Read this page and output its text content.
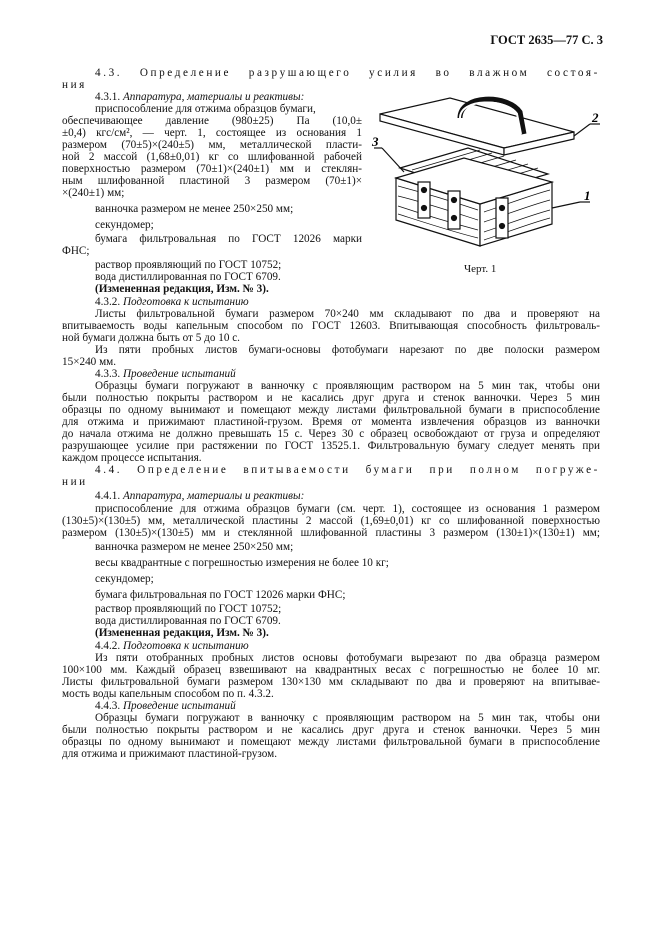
ГОСТ 2635—77 С. 3

4.3. Определение разрушающего усилия во влажном состоя-

ния

4.3.1. Аппаратура, материалы и реактивы:

приспособление для отжима образцов бумаги,

обеспечивающее давление (980±25) Па (10,0±

±0,4) кгс/см², — черт. 1, состоящее из основания 1

размером (70±5)×(240±5) мм, металлической пласти-

ной 2 массой (1,68±0,01) кг со шлифованной рабочей

поверхностью размером (70±1)×(240±1) мм и стеклян-

ным шлифованной пластиной 3 размером (70±1)×

×(240±1) мм;

ванночка размером не менее 250×250 мм;

секундомер;

бумага фильтровальная по ГОСТ 12026 марки

ФНС;

раствор проявляющий по ГОСТ 10752;

вода дистиллированная по ГОСТ 6709.

(Измененная редакция, Изм. № 3).

2
3
1
Черт. 1

4.3.2. Подготовка к испытанию

Листы фильтровальной бумаги размером 70×240 мм складывают по два и проверяют на

впитываемость воды капельным способом по ГОСТ 12603. Впитывающая способность фильтроваль-

ной бумаги должна быть от 5 до 10 с.

Из пяти пробных листов бумаги-основы фотобумаги нарезают по две полоски размером

15×240 мм.

4.3.3. Проведение испытаний

Образцы бумаги погружают в ванночку с проявляющим раствором на 5 мин так, чтобы они

были полностью покрыты раствором и не касались друг друга и стенок ванночки. Через 5 мин

образцы по одному вынимают и помещают между листами фильтровальной бумаги в приспособление

для отжима и прижимают пластиной-грузом. Время от момента извлечения образцов из ванночки

до начала отжима не должно превышать 15 с. Через 30 с образец освобождают от груза и определяют

разрушающее усилие при растяжении по ГОСТ 13525.1. Фильтровальную бумагу следует менять при

каждом процессе испытания.

4.4. Определение впитываемости бумаги при полном погруже-

нии

4.4.1. Аппаратура, материалы и реактивы:

приспособление для отжима образцов бумаги (см. черт. 1), состоящее из основания 1 размером

(130±5)×(130±5) мм, металлической пластины 2 массой (1,69±0,01) кг со шлифованной поверхностью

размером (130±5)×(130±5) мм и стеклянной шлифованной пластины 3 размером (130±1)×(130±1) мм;

ванночка размером не менее 250×250 мм;

весы квадрантные с погрешностью измерения не более 10 кг;

секундомер;

бумага фильтровальная по ГОСТ 12026 марки ФНС;

раствор проявляющий по ГОСТ 10752;

вода дистиллированная по ГОСТ 6709.

(Измененная редакция, Изм. № 3).

4.4.2. Подготовка к испытанию

Из пяти отобранных пробных листов основы фотобумаги вырезают по два образца размером

100×100 мм. Каждый образец взвешивают на квадрантных весах с погрешностью не более 10 мг.

Листы фильтровальной бумаги размером 130×130 мм складывают по два и проверяют на впитывае-

мость воды капельным способом по п. 4.3.2.

4.4.3. Проведение испытаний

Образцы бумаги погружают в ванночку с проявляющим раствором на 5 мин так, чтобы они

были полностью покрыты раствором и не касались друг друга и стенок ванночки. Через 5 мин

образцы по одному вынимают и помещают между листами фильтровальной бумаги в приспособление

для отжима и прижимают пластиной-грузом.
